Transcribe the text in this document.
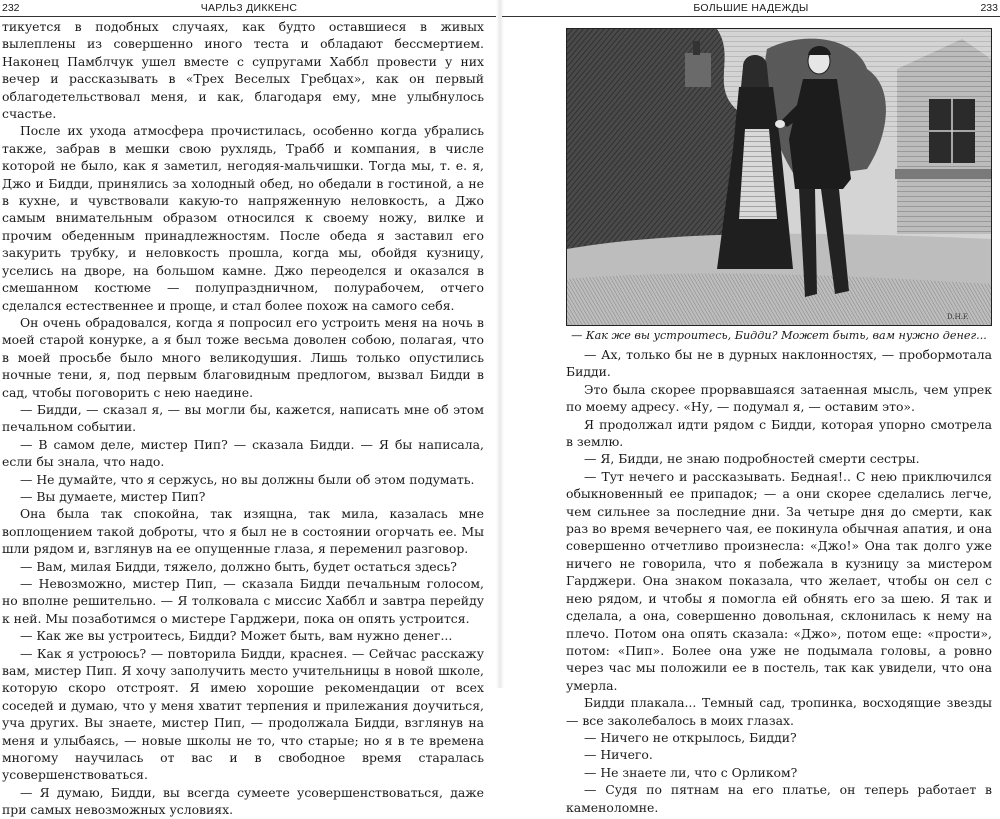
232	ЧАРЛЬЗ ДИККЕНС

тикуется в подобных случаях, как будто оставшиеся в живых вылеплены из совершенно иного теста и обладают бессмертием. Наконец Памблчук ушел вместе с супругами Хаббл провести у них вечер и рассказывать в «Трех Веселых Гребцах», как он первый облагодетельствовал меня, и как, благодаря ему, мне улыбнулось счастье.

После их ухода атмосфера прочистилась, особенно когда убрались также, забрав в мешки свою рухлядь, Трабб и компания, в числе которой не было, как я заметил, негодяя-мальчишки. Тогда мы, т. е. я, Джо и Бидди, принялись за холодный обед, но обедали в гостиной, а не в кухне, и чувствовали какую-то напряженную неловкость, а Джо самым внимательным образом относился к своему ножу, вилке и прочим обеденным принадлежностям. После обеда я заставил его закурить трубку, и неловкость прошла, когда мы, обойдя кузницу, уселись на дворе, на большом камне. Джо переоделся и оказался в смешанном костюме — полупраздничном, полурабочем, отчего сделался естественнее и проще, и стал более похож на самого себя.

Он очень обрадовался, когда я попросил его устроить меня на ночь в моей старой конурке, а я был тоже весьма доволен собою, полагая, что в моей просьбе было много великодушия. Лишь только опустились ночные тени, я, под первым благовидным предлогом, вызвал Бидди в сад, чтобы поговорить с нею наедине.

— Бидди, — сказал я, — вы могли бы, кажется, написать мне об этом печальном событии.

— В самом деле, мистер Пип? — сказала Бидди. — Я бы написала, если бы знала, что надо.

— Не думайте, что я сержусь, но вы должны были об этом подумать.

— Вы думаете, мистер Пип?

Она была так спокойна, так изящна, так мила, казалась мне воплощением такой доброты, что я был не в состоянии огорчать ее. Мы шли рядом и, взглянув на ее опущенные глаза, я переменил разговор.

— Вам, милая Бидди, тяжело, должно быть, будет остаться здесь?

— Невозможно, мистер Пип, — сказала Бидди печальным голосом, но вполне решительно. — Я толковала с миссис Хаббл и завтра перейду к ней. Мы позаботимся о мистере Гарджери, пока он опять устроится.

— Как же вы устроитесь, Бидди? Может быть, вам нужно денег...

— Как я устроюсь? — повторила Бидди, краснея. — Сейчас расскажу вам, мистер Пип. Я хочу заполучить место учительницы в новой школе, которую скоро отстроят. Я имею хорошие рекомендации от всех соседей и думаю, что у меня хватит терпения и прилежания доучиться, уча других. Вы знаете, мистер Пип, — продолжала Бидди, взглянув на меня и улыбаясь, — новые школы не то, что старые; но я в те времена многому научилась от вас и в свободное время старалась усовершенствоваться.

— Я думаю, Бидди, вы всегда сумеете усовершенствоваться, даже при самых невозможных условиях.

БОЛЬШИЕ НАДЕЖДЫ	233
D.H.F.
— Как же вы устроитесь, Бидди? Может быть, вам нужно денег...

— Ах, только бы не в дурных наклонностях, — пробормотала Бидди.

Это была скорее прорвавшаяся затаенная мысль, чем упрек по моему адресу. «Ну, — подумал я, — оставим это».

Я продолжал идти рядом с Бидди, которая упорно смотрела в землю.

— Я, Бидди, не знаю подробностей смерти сестры.

— Тут нечего и рассказывать. Бедная!.. С нею приключился обыкновенный ее припадок; — а они скорее сделались легче, чем сильнее за последние дни. За четыре дня до смерти, как раз во время вечернего чая, ее покинула обычная апатия, и она совершенно отчетливо произнесла: «Джо!» Она так долго уже ничего не говорила, что я побежала в кузницу за мистером Гарджери. Она знаком показала, что желает, чтобы он сел с нею рядом, и чтобы я помогла ей обнять его за шею. Я так и сделала, а она, совершенно довольная, склонилась к нему на плечо. Потом она опять сказала: «Джо», потом еще: «прости», потом: «Пип». Более она уже не подымала головы, а ровно через час мы положили ее в постель, так как увидели, что она умерла.

Бидди плакала... Темный сад, тропинка, восходящие звезды — все заколебалось в моих глазах.

— Ничего не открылось, Бидди?

— Ничего.

— Не знаете ли, что с Орликом?

— Судя по пятнам на его платье, он теперь работает в каменоломне.
